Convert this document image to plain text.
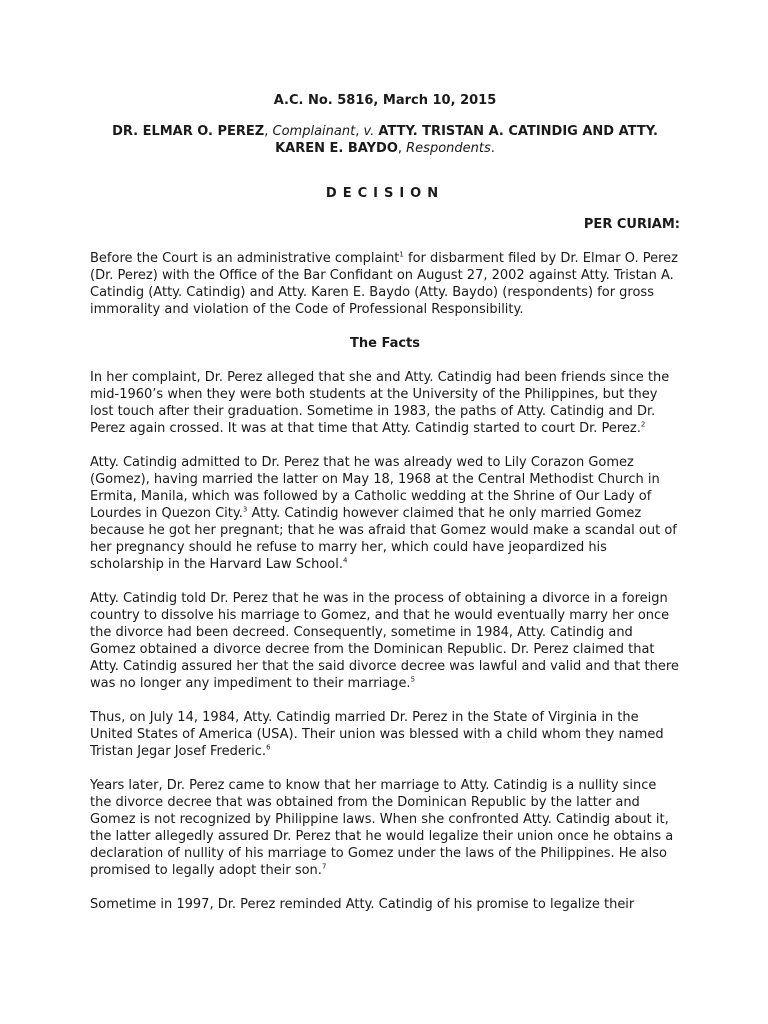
A.C. No. 5816, March 10, 2015

DR. ELMAR O. PEREZ, Complainant, v. ATTY. TRISTAN A. CATINDIG AND ATTY. KAREN E. BAYDO, Respondents.

DECISION

PER CURIAM:

Before the Court is an administrative complaint$^1$ for disbarment filed by Dr. Elmar O. Perez (Dr. Perez) with the Office of the Bar Confidant on August 27, 2002 against Atty. Tristan A. Catindig (Atty. Catindig) and Atty. Karen E. Baydo (Atty. Baydo) (respondents) for gross immorality and violation of the Code of Professional Responsibility.

The Facts

In her complaint, Dr. Perez alleged that she and Atty. Catindig had been friends since the mid-1960’s when they were both students at the University of the Philippines, but they lost touch after their graduation. Sometime in 1983, the paths of Atty. Catindig and Dr. Perez again crossed. It was at that time that Atty. Catindig started to court Dr. Perez.$^2$

Atty. Catindig admitted to Dr. Perez that he was already wed to Lily Corazon Gomez (Gomez), having married the latter on May 18, 1968 at the Central Methodist Church in Ermita, Manila, which was followed by a Catholic wedding at the Shrine of Our Lady of Lourdes in Quezon City.$^3$ Atty. Catindig however claimed that he only married Gomez because he got her pregnant; that he was afraid that Gomez would make a scandal out of her pregnancy should he refuse to marry her, which could have jeopardized his scholarship in the Harvard Law School.$^4$

Atty. Catindig told Dr. Perez that he was in the process of obtaining a divorce in a foreign country to dissolve his marriage to Gomez, and that he would eventually marry her once the divorce had been decreed. Consequently, sometime in 1984, Atty. Catindig and Gomez obtained a divorce decree from the Dominican Republic. Dr. Perez claimed that Atty. Catindig assured her that the said divorce decree was lawful and valid and that there was no longer any impediment to their marriage.$^5$

Thus, on July 14, 1984, Atty. Catindig married Dr. Perez in the State of Virginia in the United States of America (USA). Their union was blessed with a child whom they named Tristan Jegar Josef Frederic.$^6$

Years later, Dr. Perez came to know that her marriage to Atty. Catindig is a nullity since the divorce decree that was obtained from the Dominican Republic by the latter and Gomez is not recognized by Philippine laws. When she confronted Atty. Catindig about it, the latter allegedly assured Dr. Perez that he would legalize their union once he obtains a declaration of nullity of his marriage to Gomez under the laws of the Philippines. He also promised to legally adopt their son.$^7$

Sometime in 1997, Dr. Perez reminded Atty. Catindig of his promise to legalize their
